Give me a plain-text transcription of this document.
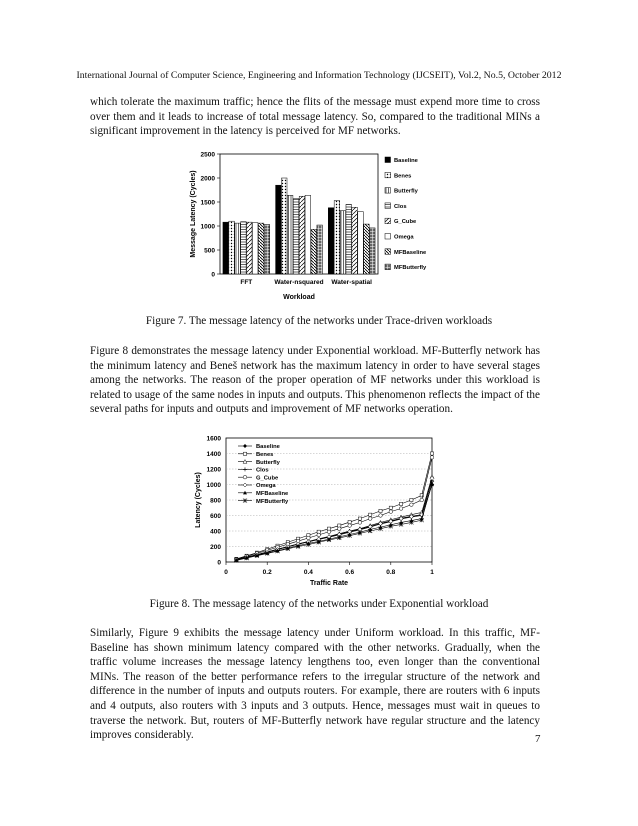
International Journal of Computer Science, Engineering and Information Technology (IJCSEIT), Vol.2, No.5, October 2012

which tolerate the maximum traffic; hence the flits of the message must expend more time to cross over them and it leads to increase of total message latency. So, compared to the traditional MINs a significant improvement in the latency is perceived for MF networks.

0
500
1000
1500
2000
2500
FFT	Water-nsquared Water-spatial
Workload
Message Latency (Cycles)
Baseline
Benes
Butterfly
Clos
G_Cube
Omega
MFBaseline
MFButterfly
Figure 7. The message latency of the networks under Trace-driven workloads

Figure 8 demonstrates the message latency under Exponential workload. MF-Butterfly network has the minimum latency and Beneš network has the maximum latency in order to have several stages among the networks. The reason of the proper operation of MF networks under this workload is related to usage of the same nodes in inputs and outputs. This phenomenon reflects the impact of the several paths for inputs and outputs and improvement of MF networks operation.

0
200
400
600
800
1000
1200
1400
1600
0	0.2	0.4	0.6	0.8	1
Traffic Rate
Latency (Cycles)
Baseline
Benes
Butterfly
Clos
G_Cube
Omega
MFBaseline
MFButterfly
Figure 8. The message latency of the networks under Exponential workload

Similarly, Figure 9 exhibits the message latency under Uniform workload. In this traffic, MF-Baseline has shown minimum latency compared with the other networks. Gradually, when the traffic volume increases the message latency lengthens too, even longer than the conventional MINs. The reason of the better performance refers to the irregular structure of the network and difference in the number of inputs and outputs routers. For example, there are routers with 6 inputs and 4 outputs, also routers with 3 inputs and 3 outputs. Hence, messages must wait in queues to traverse the network. But, routers of MF-Butterfly network have regular structure and the latency improves considerably.	7
